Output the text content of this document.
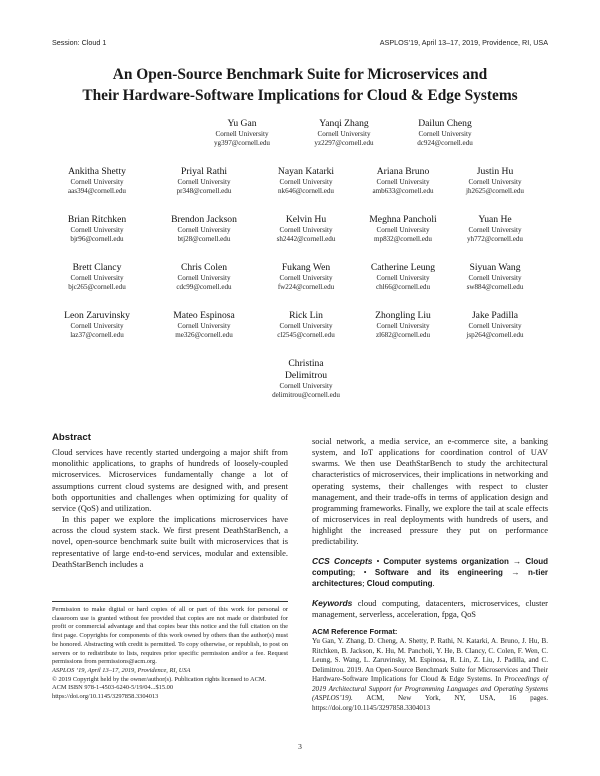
Session: Cloud 1	ASPLOS’19, April 13–17, 2019, Providence, RI, USA
An Open-Source Benchmark Suite for Microservices and
Their Hardware-Software Implications for Cloud & Edge Systems
Yu Gan
Cornell University
yg397@cornell.edu
Yanqi Zhang
Cornell University
yz2297@cornell.edu
Dailun Cheng
Cornell University
dc924@cornell.edu
Ankitha Shetty
Cornell University
aas394@cornell.edu
Priyal Rathi
Cornell University
pr348@cornell.edu
Nayan Katarki
Cornell University
nk646@cornell.edu
Ariana Bruno
Cornell University
amb633@cornell.edu
Justin Hu
Cornell University
jh2625@cornell.edu
Brian Ritchken
Cornell University
bjr96@cornell.edu
Brendon Jackson
Cornell University
btj28@cornell.edu
Kelvin Hu
Cornell University
sh2442@cornell.edu
Meghna Pancholi
Cornell University
mp832@cornell.edu
Yuan He
Cornell University
yh772@cornell.edu
Brett Clancy
Cornell University
bjc265@cornell.edu
Chris Colen
Cornell University
cdc99@cornell.edu
Fukang Wen
Cornell University
fw224@cornell.edu
Catherine Leung
Cornell University
chl66@cornell.edu
Siyuan Wang
Cornell University
sw884@cornell.edu
Leon Zaruvinsky
Cornell University
laz37@cornell.edu
Mateo Espinosa
Cornell University
me326@cornell.edu
Rick Lin
Cornell University
cl2545@cornell.edu
Zhongling Liu
Cornell University
zl682@cornell.edu
Jake Padilla
Cornell University
jsp264@cornell.edu
Christina
Delimitrou
Cornell University
delimitrou@cornell.edu
Abstract

Cloud services have recently started undergoing a major shift from monolithic applications, to graphs of hundreds of loosely-coupled microservices. Microservices fundamentally change a lot of assumptions current cloud systems are designed with, and present both opportunities and challenges when optimizing for quality of service (QoS) and utilization.

In this paper we explore the implications microservices have across the cloud system stack. We first present DeathStarBench, a novel, open-source benchmark suite built with microservices that is representative of large end-to-end services, modular and extensible. DeathStarBench includes a

social network, a media service, an e-commerce site, a banking system, and IoT applications for coordination control of UAV swarms. We then use DeathStarBench to study the architectural characteristics of microservices, their implications in networking and operating systems, their challenges with respect to cluster management, and their trade-offs in terms of application design and programming frameworks. Finally, we explore the tail at scale effects of microservices in real deployments with hundreds of users, and highlight the increased pressure they put on performance predictability.

CCS Concepts • Computer systems organization → Cloud computing; • Software and its engineering → n-tier architectures; Cloud computing.
Keywords cloud computing, datacenters, microservices, cluster management, serverless, acceleration, fpga, QoS
ACM Reference Format:
Yu Gan, Y. Zhang, D. Cheng, A. Shetty, P. Rathi, N. Katarki, A. Bruno, J. Hu, B. Ritchken, B. Jackson, K. Hu, M. Pancholi, Y. He, B. Clancy, C. Colen, F. Wen, C. Leung, S. Wang, L. Zaruvinsky, M. Espinosa, R. Lin, Z. Liu, J. Padilla, and C. Delimitrou. 2019. An Open-Source Benchmark Suite for Microservices and Their Hardware-Software Implications for Cloud & Edge Systems. In Proceedings of 2019 Architectural Support for Programming Languages and Operating Systems (ASPLOS’19). ACM, New York, NY, USA, 16 pages. https://doi.org/10.1145/3297858.3304013

Permission to make digital or hard copies of all or part of this work for personal or classroom use is granted without fee provided that copies are not made or distributed for profit or commercial advantage and that copies bear this notice and the full citation on the first page. Copyrights for components of this work owned by others than the author(s) must be honored. Abstracting with credit is permitted. To copy otherwise, or republish, to post on servers or to redistribute to lists, requires prior specific permission and/or a fee. Request permissions from permissions@acm.org.

ASPLOS ’19, April 13–17, 2019, Providence, RI, USA

© 2019 Copyright held by the owner/author(s). Publication rights licensed to ACM.

ACM ISBN 978-1-4503-6240-5/19/04...$15.00

https://doi.org/10.1145/3297858.3304013

3
